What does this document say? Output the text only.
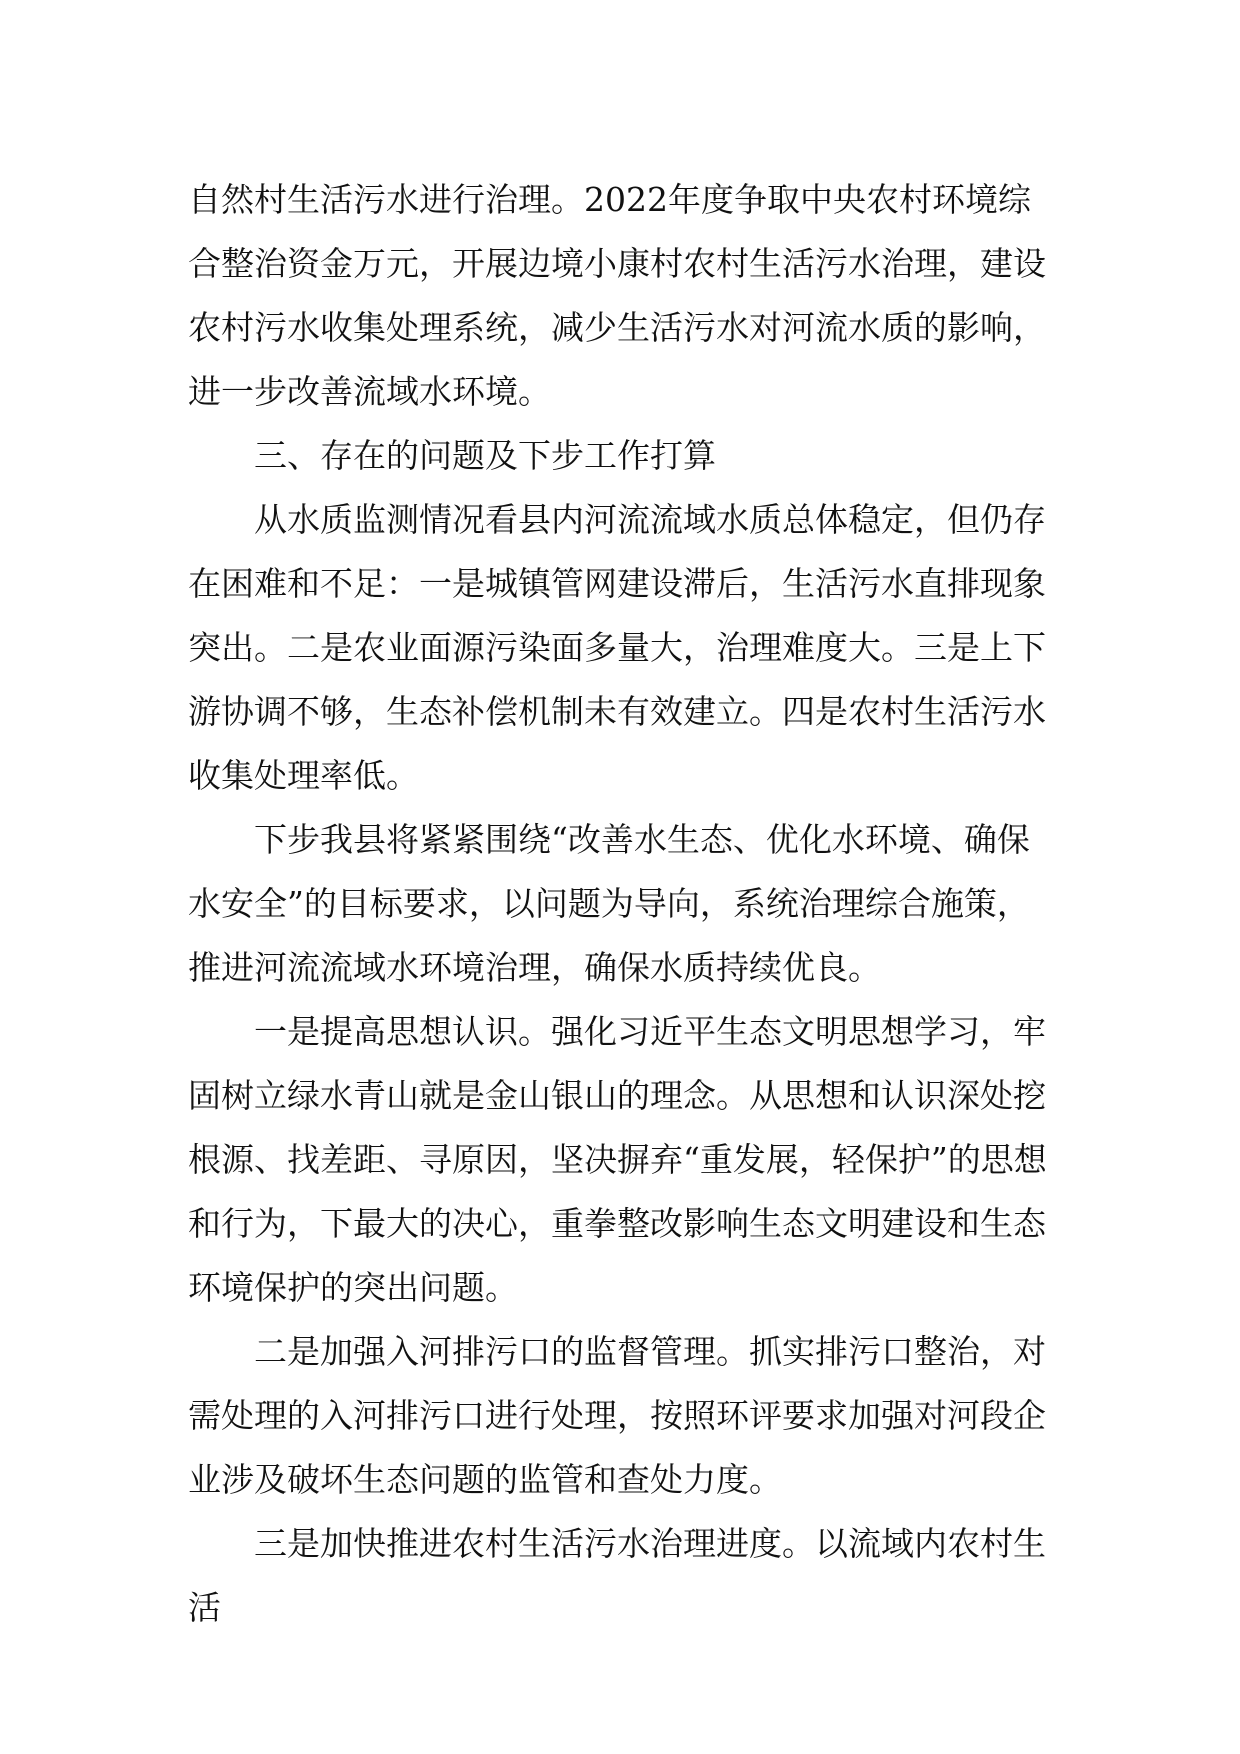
自然村生活污水进行治理。2022年度争取中央农村环境综合整治资金万元，开展边境小康村农村生活污水治理，建设农村污水收集处理系统，减少生活污水对河流水质的影响，进一步改善流域水环境。

三、存在的问题及下步工作打算

从水质监测情况看县内河流流域水质总体稳定，但仍存在困难和不足：一是城镇管网建设滞后，生活污水直排现象突出。二是农业面源污染面多量大，治理难度大。三是上下游协调不够，生态补偿机制未有效建立。四是农村生活污水收集处理率低。

下步我县将紧紧围绕“改善水生态、优化水环境、确保水安全”的目标要求，以问题为导向，系统治理综合施策，推进河流流域水环境治理，确保水质持续优良。

一是提高思想认识。强化习近平生态文明思想学习，牢固树立绿水青山就是金山银山的理念。从思想和认识深处挖根源、找差距、寻原因，坚决摒弃“重发展，轻保护”的思想和行为，下最大的决心，重拳整改影响生态文明建设和生态环境保护的突出问题。

二是加强入河排污口的监督管理。抓实排污口整治，对需处理的入河排污口进行处理，按照环评要求加强对河段企业涉及破坏生态问题的监管和查处力度。

三是加快推进农村生活污水治理进度。以流域内农村生活
